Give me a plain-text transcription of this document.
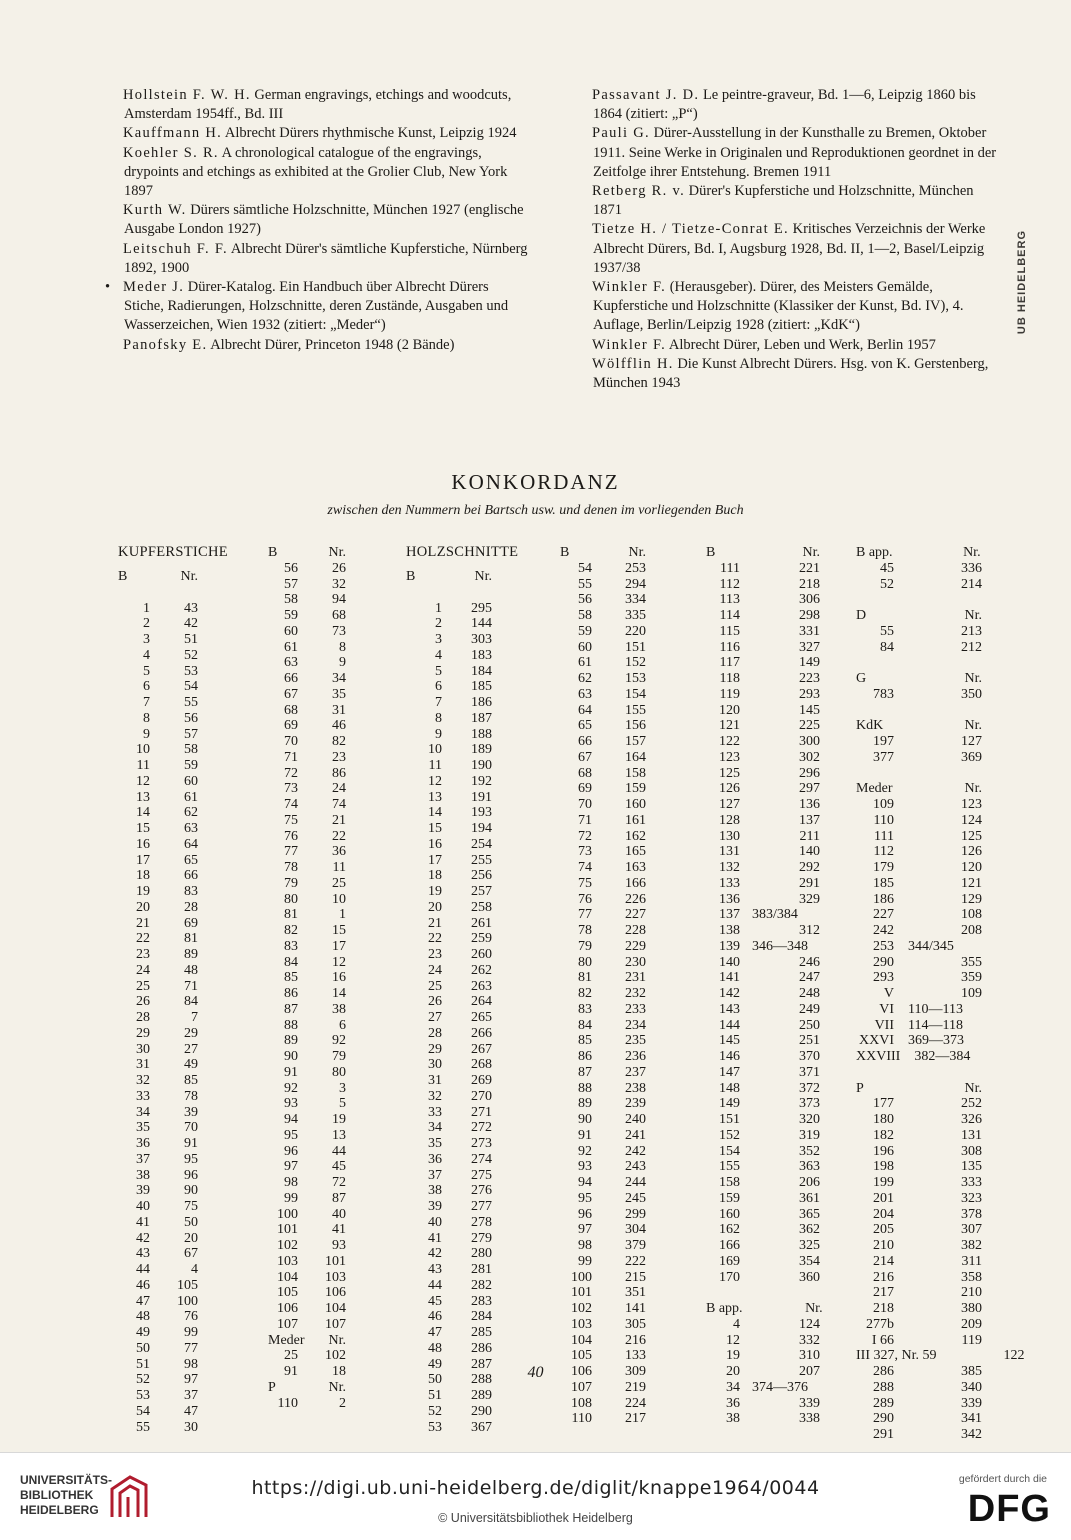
Hollstein F. W. H. German engravings, etchings and woodcuts, Amsterdam 1954ff., Bd. III

Kauffmann H. Albrecht Dürers rhythmische Kunst, Leipzig 1924

Koehler S. R. A chronological catalogue of the engravings, drypoints and etchings as exhibited at the Grolier Club, New York 1897

Kurth W. Dürers sämtliche Holzschnitte, München 1927 (englische Ausgabe London 1927)

Leitschuh F. F. Albrecht Dürer's sämtliche Kupferstiche, Nürnberg 1892, 1900

• Meder J. Dürer-Katalog. Ein Handbuch über Albrecht Dürers Stiche, Radierungen, Holzschnitte, deren Zustände, Ausgaben und Wasserzeichen, Wien 1932 (zitiert: „Meder“)

Panofsky E. Albrecht Dürer, Princeton 1948 (2 Bände)

Passavant J. D. Le peintre-graveur, Bd. 1—6, Leipzig 1860 bis 1864 (zitiert: „P“)

Pauli G. Dürer-Ausstellung in der Kunsthalle zu Bremen, Oktober 1911. Seine Werke in Originalen und Reproduktionen geordnet in der Zeitfolge ihrer Entstehung. Bremen 1911

Retberg R. v. Dürer's Kupferstiche und Holzschnitte, München 1871

Tietze H. / Tietze-Conrat E. Kritisches Verzeichnis der Werke Albrecht Dürers, Bd. I, Augsburg 1928, Bd. II, 1—2, Basel/Leipzig 1937/38

Winkler F. (Herausgeber). Dürer, des Meisters Gemälde, Kupferstiche und Holzschnitte (Klassiker der Kunst, Bd. IV), 4. Auflage, Berlin/Leipzig 1928 (zitiert: „KdK“)

Winkler F. Albrecht Dürer, Leben und Werk, Berlin 1957

Wölfflin H. Die Kunst Albrecht Dürers. Hsg. von K. Gerstenberg, München 1943

UB HEIDELBERG
KONKORDANZ
zwischen den Nummern bei Bartsch usw. und denen im vorliegenden Buch
KUPFERSTICHE
B	Nr.
1	43
2	42
3	51
4	52
5	53
6	54
7	55
8	56
9	57
10	58
11	59
12	60
13	61
14	62
15	63
16	64
17	65
18	66
19	83
20	28
21	69
22	81
23	89
24	48
25	71
26	84
28	7
29	29
30	27
31	49
32	85
33	78
34	39
35	70
36	91
37	95
38	96
39	90
40	75
41	50
42	20
43	67
44	4
46	105
47	100
48	76
49	99
50	77
51	98
52	97
53	37
54	47
55	30
B	Nr.
56	26
57	32
58	94
59	68
60	73
61	8
63	9
66	34
67	35
68	31
69	46
70	82
71	23
72	86
73	24
74	74
75	21
76	22
77	36
78	11
79	25
80	10
81	1
82	15
83	17
84	12
85	16
86	14
87	38
88	6
89	92
90	79
91	80
92	3
93	5
94	19
95	13
96	44
97	45
98	72
99	87
100	40
101	41
102	93
103	101
104	103
105	106
106	104
107	107
Meder	Nr.
25	102
91	18
P	Nr.
110	2
HOLZSCHNITTE
B	Nr.
1	295
2	144
3	303
4	183
5	184
6	185
7	186
8	187
9	188
10	189
11	190
12	192
13	191
14	193
15	194
16	254
17	255
18	256
19	257
20	258
21	261
22	259
23	260
24	262
25	263
26	264
27	265
28	266
29	267
30	268
31	269
32	270
33	271
34	272
35	273
36	274
37	275
38	276
39	277
40	278
41	279
42	280
43	281
44	282
45	283
46	284
47	285
48	286
49	287
50	288
51	289
52	290
53	367
B	Nr.
54	253
55	294
56	334
58	335
59	220
60	151
61	152
62	153
63	154
64	155
65	156
66	157
67	164
68	158
69	159
70	160
71	161
72	162
73	165
74	163
75	166
76	226
77	227
78	228
79	229
80	230
81	231
82	232
83	233
84	234
85	235
86	236
87	237
88	238
89	239
90	240
91	241
92	242
93	243
94	244
95	245
96	299
97	304
98	379
99	222
100	215
101	351
102	141
103	305
104	216
105	133
106	309
107	219
108	224
110	217
B	Nr.
111	221
112	218
113	306
114	298
115	331
116	327
117	149
118	223
119	293
120	145
121	225
122	300
123	302
125	296
126	297
127	136
128	137
130	211
131	140
132	292
133	291
136	329
137 383/384
138	312
139 346—348
140	246
141	247
142	248
143	249
144	250
145	251
146	370
147	371
148	372
149	373
151	320
152	319
154	352
155	363
158	206
159	361
160	365
162	362
166	325
169	354
170	360
B app.	Nr.
4	124
12	332
19	310
20	207
34 374—376
36	339
38	338
B app.	Nr.
45	336
52	214
D	Nr.
55	213
84	212
G	Nr.
783	350
KdK	Nr.
197	127
377	369
Meder	Nr.
109	123
110	124
111	125
112	126
179	120
185	121
186	129
227	108
242	208
253 344/345
290	355
293	359
V	109
VI 110—113
VII 114—118
XXVI 369—373
XXVIII 382—384
P	Nr.
177	252
180	326
182	131
196	308
198	135
199	333
201	323
204	378
205	307
210	382
214	311
216	358
217	210
218	380
277b	209
I 66	119
III 327, Nr. 59	122
286	385
288	340
289	339
290	341
291	342
40
UNIVERSITÄTS-
BIBLIOTHEK
HEIDELBERG
https://digi.ub.uni-heidelberg.de/diglit/knappe1964/0044
© Universitätsbibliothek Heidelberg
gefördert durch die
DFG
